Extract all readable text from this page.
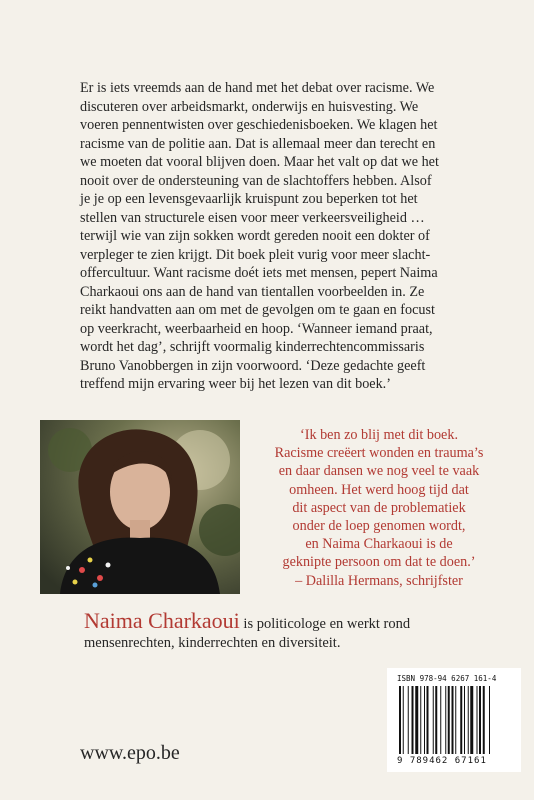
Er is iets vreemds aan de hand met het debat over racisme. We
discuteren over arbeidsmarkt, onderwijs en huisvesting. We
voeren pennentwisten over geschiedenisboeken. We klagen het
racisme van de politie aan. Dat is allemaal meer dan terecht en
we moeten dat vooral blijven doen. Maar het valt op dat we het
nooit over de ondersteuning van de slachtoffers hebben. Alsof
je je op een levensgevaarlijk kruispunt zou beperken tot het
stellen van structurele eisen voor meer verkeersveiligheid …
terwijl wie van zijn sokken wordt gereden nooit een dokter of
verpleger te zien krijgt. Dit boek pleit vurig voor meer slacht-
offercultuur. Want racisme doét iets met mensen, pepert Naima
Charkaoui ons aan de hand van tientallen voorbeelden in. Ze
reikt handvatten aan om met de gevolgen om te gaan en focust
op veerkracht, weerbaarheid en hoop. ‘Wanneer iemand praat,
wordt het dag’, schrijft voormalig kinderrechtencommissaris
Bruno Vanobbergen in zijn voorwoord. ‘Deze gedachte geeft
treffend mijn ervaring weer bij het lezen van dit boek.’
‘Ik ben zo blij met dit boek.
Racisme creëert wonden en trauma’s
en daar dansen we nog veel te vaak
omheen. Het werd hoog tijd dat
dit aspect van de problematiek
onder de loep genomen wordt,
en Naima Charkaoui is de
geknipte persoon om dat te doen.’
– Dalilla Hermans, schrijfster
Naima Charkaoui is politicologe en werkt rond
mensenrechten, kinderrechten en diversiteit.
ISBN 978-94 6267 161-4
9 789462 67161
www.epo.be
